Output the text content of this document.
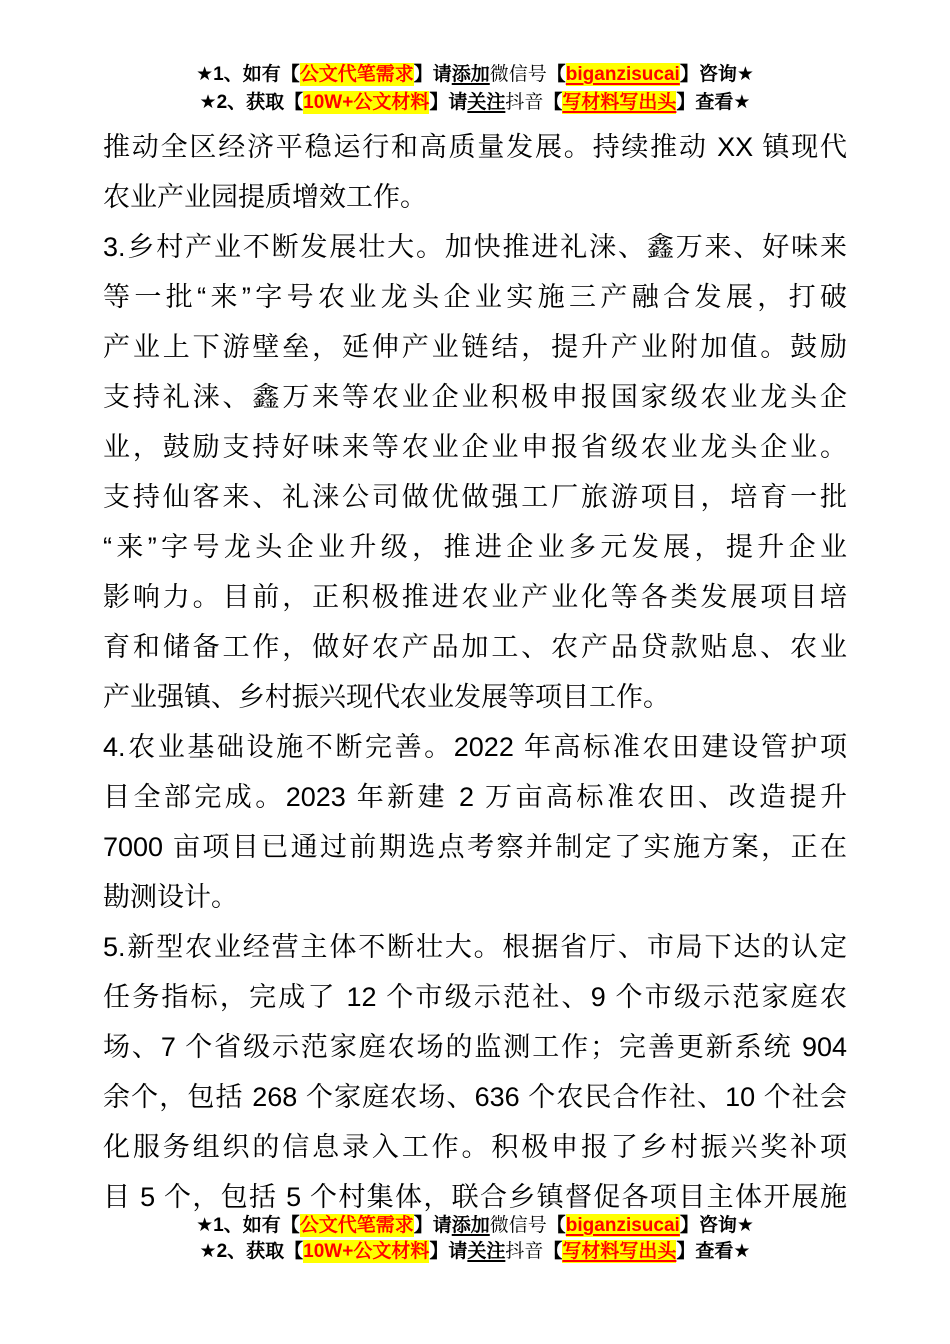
★1、如有【公文代笔需求】请添加微信号【biganzisucai】咨询★
★2、获取【10W+公文材料】请关注抖音【写材料写出头】查看★
推动全区经济平稳运行和高质量发展。持续推动 XX 镇现代
农业产业园提质增效工作。
3.乡村产业不断发展壮大。加快推进礼涞、鑫万来、好味来
等一批“来”字号农业龙头企业实施三产融合发展，打破
产业上下游壁垒，延伸产业链结，提升产业附加值。鼓励
支持礼涞、鑫万来等农业企业积极申报国家级农业龙头企
业，鼓励支持好味来等农业企业申报省级农业龙头企业。
支持仙客来、礼涞公司做优做强工厂旅游项目，培育一批
“来”字号龙头企业升级，推进企业多元发展，提升企业
影响力。目前，正积极推进农业产业化等各类发展项目培
育和储备工作，做好农产品加工、农产品贷款贴息、农业
产业强镇、乡村振兴现代农业发展等项目工作。
4.农业基础设施不断完善。2022 年高标准农田建设管护项
目全部完成。2023 年新建 2 万亩高标准农田、改造提升
7000 亩项目已通过前期选点考察并制定了实施方案，正在
勘测设计。
5.新型农业经营主体不断壮大。根据省厅、市局下达的认定
任务指标，完成了 12 个市级示范社、9 个市级示范家庭农
场、7 个省级示范家庭农场的监测工作；完善更新系统 904
余个，包括 268 个家庭农场、636 个农民合作社、10 个社会
化服务组织的信息录入工作。积极申报了乡村振兴奖补项
目 5 个，包括 5 个村集体，联合乡镇督促各项目主体开展施
★1、如有【公文代笔需求】请添加微信号【biganzisucai】咨询★
★2、获取【10W+公文材料】请关注抖音【写材料写出头】查看★
